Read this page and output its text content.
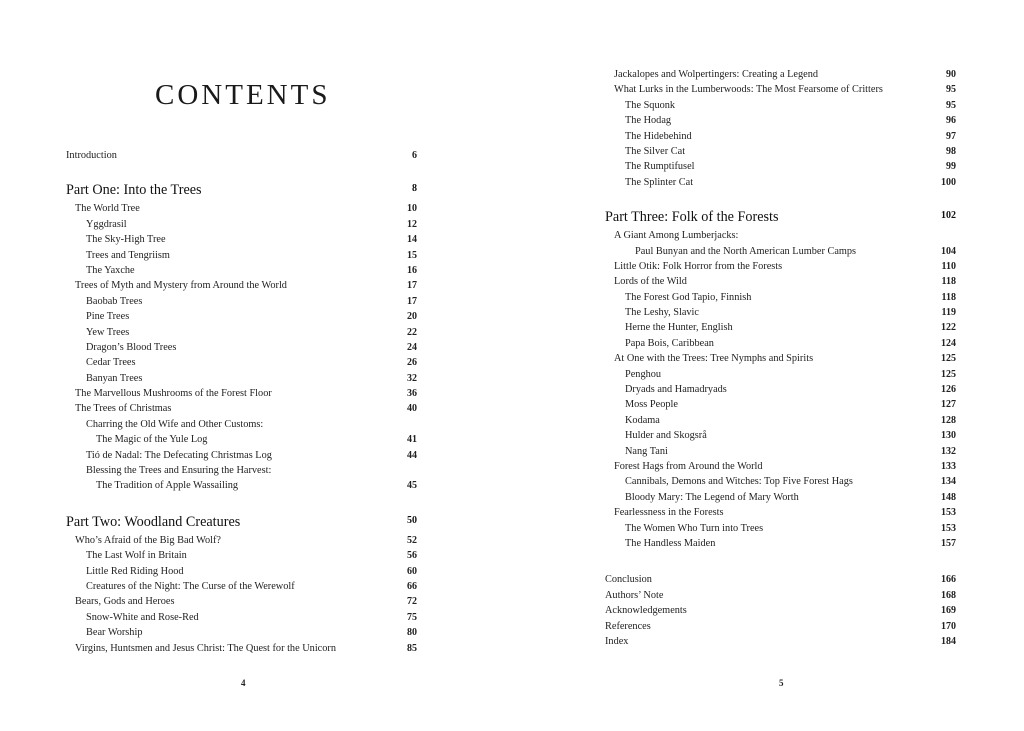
CONTENTS
Introduction	6
Part One: Into the Trees	8
The World Tree	10
Yggdrasil	12
The Sky-High Tree	14
Trees and Tengriism	15
The Yaxche	16
Trees of Myth and Mystery from Around the World	17
Baobab Trees	17
Pine Trees	20
Yew Trees	22
Dragon’s Blood Trees	24
Cedar Trees	26
Banyan Trees	32
The Marvellous Mushrooms of the Forest Floor	36
The Trees of Christmas	40
Charring the Old Wife and Other Customs:
The Magic of the Yule Log	41
Tió de Nadal: The Defecating Christmas Log	44
Blessing the Trees and Ensuring the Harvest:
The Tradition of Apple Wassailing	45
Part Two: Woodland Creatures	50
Who’s Afraid of the Big Bad Wolf?	52
The Last Wolf in Britain	56
Little Red Riding Hood	60
Creatures of the Night: The Curse of the Werewolf	66
Bears, Gods and Heroes	72
Snow-White and Rose-Red	75
Bear Worship	80
Virgins, Huntsmen and Jesus Christ: The Quest for the Unicorn	85
4
Jackalopes and Wolpertingers: Creating a Legend	90
What Lurks in the Lumberwoods: The Most Fearsome of Critters	95
The Squonk	95
The Hodag	96
The Hidebehind	97
The Silver Cat	98
The Rumptifusel	99
The Splinter Cat	100
Part Three: Folk of the Forests	102
A Giant Among Lumberjacks:
Paul Bunyan and the North American Lumber Camps	104
Little Otik: Folk Horror from the Forests	110
Lords of the Wild	118
The Forest God Tapio, Finnish	118
The Leshy, Slavic	119
Herne the Hunter, English	122
Papa Bois, Caribbean	124
At One with the Trees: Tree Nymphs and Spirits	125
Penghou	125
Dryads and Hamadryads	126
Moss People	127
Kodama	128
Hulder and Skogsrå	130
Nang Tani	132
Forest Hags from Around the World	133
Cannibals, Demons and Witches: Top Five Forest Hags	134
Bloody Mary: The Legend of Mary Worth	148
Fearlessness in the Forests	153
The Women Who Turn into Trees	153
The Handless Maiden	157
Conclusion	166
Authors’ Note	168
Acknowledgements	169
References	170
Index	184
5
